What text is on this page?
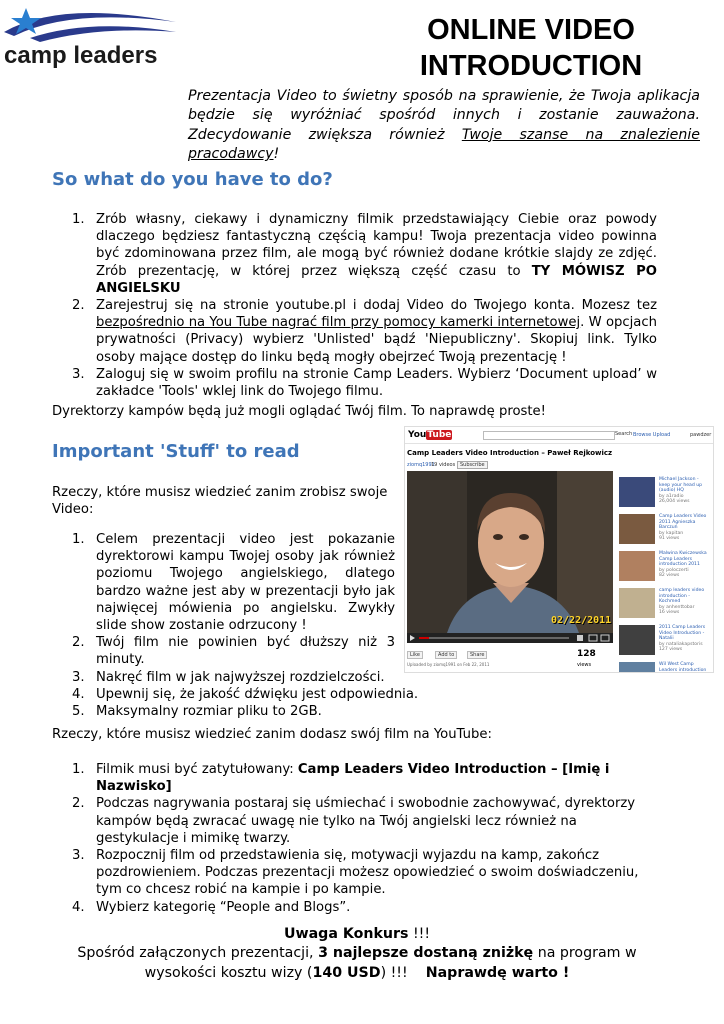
camp leaders
ONLINE VIDEO
INTRODUCTION
Prezentacja Video to świetny sposób na sprawienie, że Twoja aplikacja będzie się wyróżniać spośród innych i zostanie zauważona. Zdecydowanie zwiększa również Twoje szanse na znalezienie pracodawcy!
So what do you have to do?
1. Zrób własny, ciekawy i dynamiczny filmik przedstawiający Ciebie oraz powody dlaczego będziesz fantastyczną częścią kampu! Twoja prezentacja video powinna być zdominowana przez film, ale mogą być również dodane krótkie slajdy ze zdjęć. Zrób prezentację, w której przez większą część czasu to TY MÓWISZ PO ANGIELSKU
2. Zarejestruj się na stronie youtube.pl i dodaj Video do Twojego konta. Mozesz tez bezpośrednio na You Tube nagrać film przy pomocy kamerki internetowej. W opcjach prywatności (Privacy) wybierz 'Unlisted' bądź 'Niepubliczny'. Skopiuj link. Tylko osoby mające dostęp do linku będą mogły obejrzeć Twoją prezentację !
3. Zaloguj się w swoim profilu na stronie Camp Leaders. Wybierz ‘Document upload’ w zakładce 'Tools' wklej link do Twojego filmu.
Dyrektorzy kampów będą już mogli oglądać Twój film. To naprawdę proste!
Important 'Stuff' to read
Rzeczy, które musisz wiedzieć zanim zrobisz swoje Video:
1. Celem prezentacji video jest pokazanie dyrektorowi kampu Twojej osoby jak również poziomu Twojego angielskiego, dlatego bardzo ważne jest aby w prezentacji było jak najwięcej mówienia po angielsku. Zwykły slide show zostanie odrzucony !
2. Twój film nie powinien być dłuższy niż 3 minuty.
3. Nakręć film w jak najwyższej rozdzielczości.
4. Upewnij się, że jakość dźwięku jest odpowiednia.
5. Maksymalny rozmiar pliku to 2GB.
Rzeczy, które musisz wiedzieć zanim dodasz swój film na YouTube:
1. Filmik musi być zatytułowany: Camp Leaders Video Introduction – [Imię i Nazwisko]
2. Podczas nagrywania postaraj się uśmiechać i swobodnie zachowywać, dyrektorzy kampów będą zwracać uwagę nie tylko na Twój angielski lecz również na gestykulacje i mimikę twarzy.
3. Rozpocznij film od przedstawienia się, motywacji wyjazdu na kamp, zakończ pozdrowieniem. Podczas prezentacji możesz opowiedzieć o swoim doświadczeniu, tym co chcesz robić na kampie i po kampie.
4. Wybierz kategorię “People and Blogs”.
Uwaga Konkurs !!!
Spośród załączonych prezentacji, 3 najlepsze dostaną zniżkę na program w wysokości kosztu wizy (140 USD) !!! Naprawdę warto !
YouTube	Search Browse Upload	pawdzer
Camp Leaders Video Introduction – Paweł Rejkowicz
ziomq1991
19 videos Subscribe
02/22/2011
Like	Add to	Share	128 views
Uploaded by ziomq1991 on Feb 22, 2011
Michael Jackson - keep your head up (audio) HQ
by a1radio
26,004 views
Camp Leaders Video 2011 Agnieszka Barczuń
by kapitan
91 views
Malwina Kwiczewska Camp Leaders introduction 2011
by poloczerti
82 views
camp leaders video introduction - Kochmed
by anhenttobar
16 views
2011 Camp Leaders Video Introduction - Natalii
by nataliakapstoris
127 views
Wil West Camp Leaders introduction
